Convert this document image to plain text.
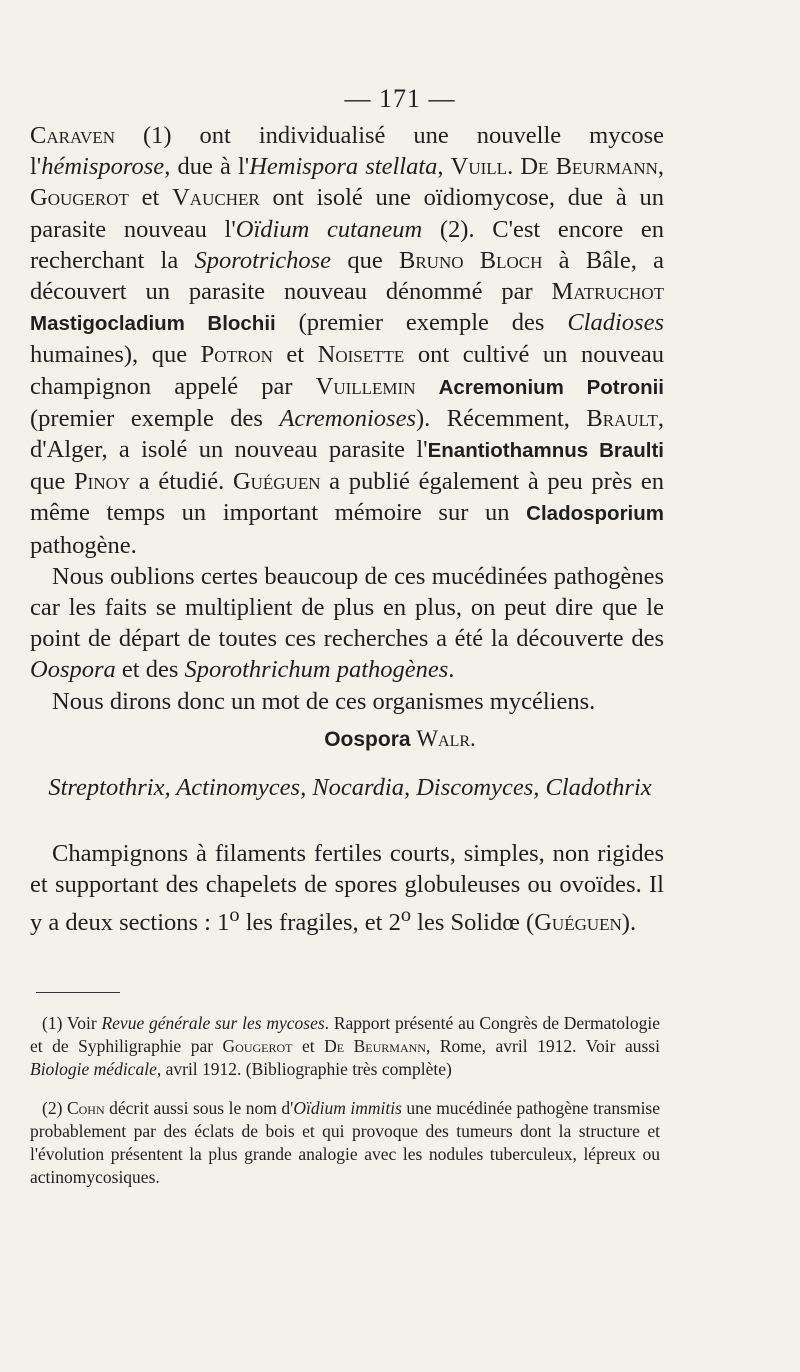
— 171 —

Caraven (1) ont individualisé une nouvelle mycose l'hémisporose, due à l'Hemispora stellata, Vuill. De Beurmann, Gougerot et Vaucher ont isolé une oïdiomycose, due à un parasite nouveau l'Oïdium cutaneum (2). C'est encore en recherchant la Sporotrichose que Bruno Bloch à Bâle, a découvert un parasite nouveau dénommé par Matruchot Mastigocladium Blochii (premier exemple des Cladioses humaines), que Potron et Noisette ont cultivé un nouveau champignon appelé par Vuillemin Acremonium Potronii (premier exemple des Acremonioses). Récemment, Brault, d'Alger, a isolé un nouveau parasite l'Enantiothamnus Braulti que Pinoy a étudié. Guéguen a publié également à peu près en même temps un important mémoire sur un Cladosporium pathogène.

Nous oublions certes beaucoup de ces mucédinées pathogènes car les faits se multiplient de plus en plus, on peut dire que le point de départ de toutes ces recherches a été la découverte des Oospora et des Sporothrichum pathogènes.

Nous dirons donc un mot de ces organismes mycéliens.

Oospora Walr.
Streptothrix, Actinomyces, Nocardia, Discomyces, Cladothrix

Champignons à filaments fertiles courts, simples, non rigides et supportant des chapelets de spores globuleuses ou ovoïdes. Il y a deux sections : 1$^o$ les fragiles, et 2$^o$ les Solidœ (Guéguen).

(1) Voir Revue générale sur les mycoses. Rapport présenté au Congrès de Dermatologie et de Syphiligraphie par Gougerot et De Beurmann, Rome, avril 1912. Voir aussi Biologie médicale, avril 1912. (Bibliographie très complète)

(2) Cohn décrit aussi sous le nom d'Oïdium immitis une mucédinée pathogène transmise probablement par des éclats de bois et qui provoque des tumeurs dont la structure et l'évolution présentent la plus grande analogie avec les nodules tuberculeux, lépreux ou actinomycosiques.
